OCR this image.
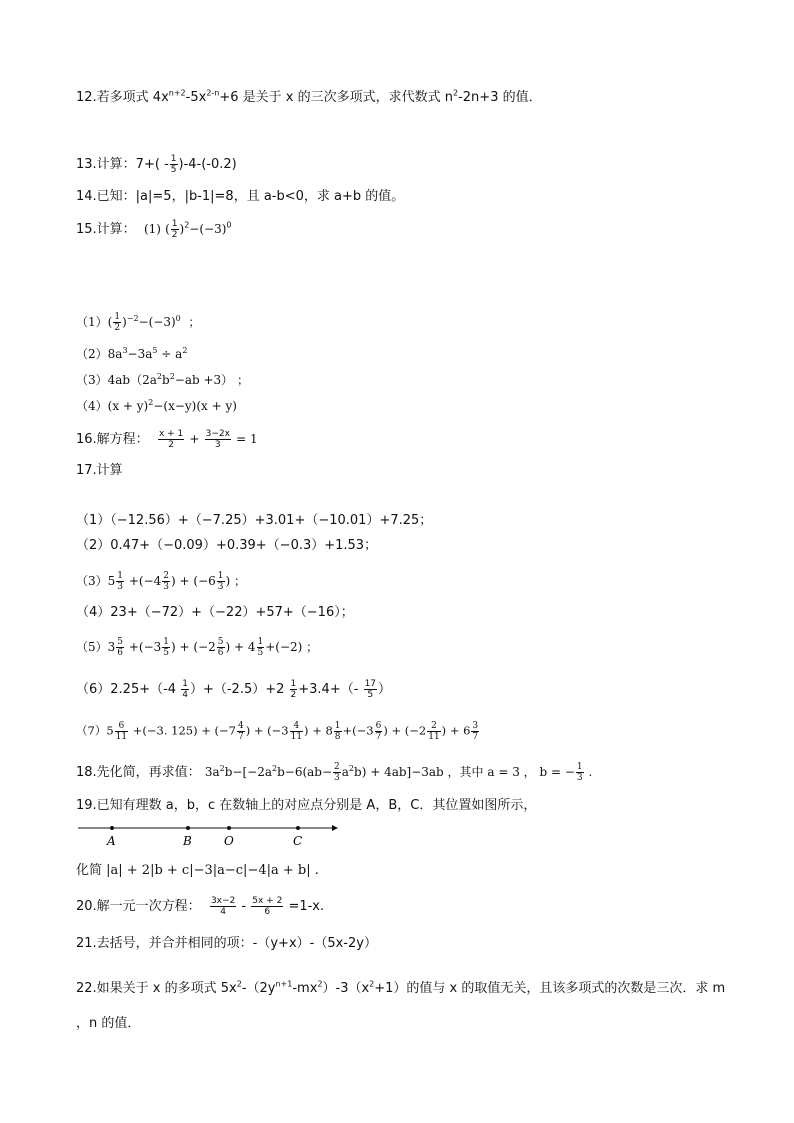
12.若多项式 $4x^{n+2}-5x^{2-n}+6$ 是关于 x 的三次多项式，求代数式 $n^2-2n+3$ 的值．
13.计算：$7+( - \frac{1}{5} )-4-(-0.2)$
14.已知：|a|=5，|b-1|=8，且 a-b<0，求 a+b 的值。
15.计算： (1) ( $\frac{1}{2} )^2-(-3)^0$
$(1)( \frac{1}{2} )^{-2}-(-3)^0$ ；
$(2)8a^3-3a^5 \div a^2$
$(3)4ab(2a^2b^2-ab +3)$ ；
$(4)(x + y)^2-(x-y)(x + y)$
16.解方程： $\frac{x + 1}{2} + \frac{3-2x}{3} = 1$
17.计算
（1）（−12.56）+（−7.25）+3.01+（−10.01）+7.25；
（2）0.47+（−0.09）+0.39+（−0.3）+1.53；
$(3)5 \frac{1}{3} +(-4 \frac{2}{3}$ ) + ($-6 \frac{1}{3}$ ) ；
（4）23+（−72）+（−22）+57+（−16）；
$(5)3 \frac{5}{6} +(-3 \frac{1}{5}$ ) + ($-2 \frac{5}{6}$ ) + $4 \frac{1}{5} +(-2)$ ；
$(6)2.25+(-4 \frac{1}{4} )+(-2.5)+2 \frac{1}{2} +3.4+(- \frac{17}{5}$ ）
$(7)5 \frac{6}{11} +(-3$. $125) + (-7 \frac{4}{7}$ ) + ($-3 \frac{4}{11}$ ) + $8 \frac{1}{8} +(-3 \frac{6}{7}$ ) + ($-2 \frac{2}{11}$ ) + $6 \frac{3}{7}$
18.先化简，再求值： $3a^2b-[-2a^2b-6(ab- \frac{2}{3} a^2b) + 4ab]-3ab$ ，其中 a = 3 ， b = − $\frac{1}{3}$ .
19.已知有理数 a，b，c 在数轴上的对应点分别是 A，B，C．其位置如图所示，
A	B	O	C
化简 |a| + 2|b + c|−3|a−c|−4|a + b| .
20.解一元一次方程： $\frac{3x-2}{4} - \frac{5x + 2}{6} =1-x$.
21.去括号，并合并相同的项：-（y+x）-（5x-2y）
22.如果关于 x 的多项式 $5x^2-(2y^{n+1}-mx^2)-3(x^2+1)$的值与 x 的取值无关，且该多项式的次数是三次．求 m
，n 的值．
